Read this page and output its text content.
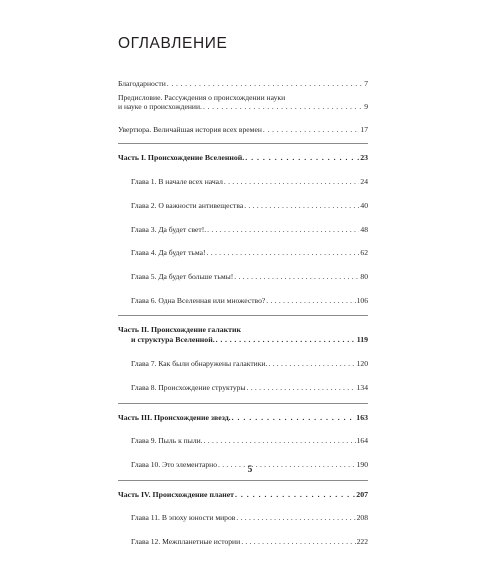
ОГЛАВЛЕНИЕ
Благодарности . . .	7
Предисловие. Рассуждения о происхождении науки
и науке о происхождении. . . .	9
Увертюра. Величайшая история всех времен . . .	17
Часть I. Происхождение Вселенной. . . .	23
Глава 1. В начале всех начал . . .	24
Глава 2. О важности антивещества . . .	40
Глава 3. Да будет свет!. . . .	48
Глава 4. Да будет тьма! . . .	62
Глава 5. Да будет больше тьмы! . . .	80
Глава 6. Одна Вселенная или множество? . . .	106
Часть II. Происхождение галактик
и структура Вселенной. . . .	119
Глава 7. Как были обнаружены галактики. . . .	120
Глава 8. Происхождение структуры . . .	134
Часть III. Происхождение звезд. . . .	163
Глава 9. Пыль к пыли. . . .	164
Глава 10. Это элементарно . . .	190
Часть IV. Происхождение планет . . .	207
Глава 11. В эпоху юности миров . . .	208
Глава 12. Межпланетные истории . . .	222
5
